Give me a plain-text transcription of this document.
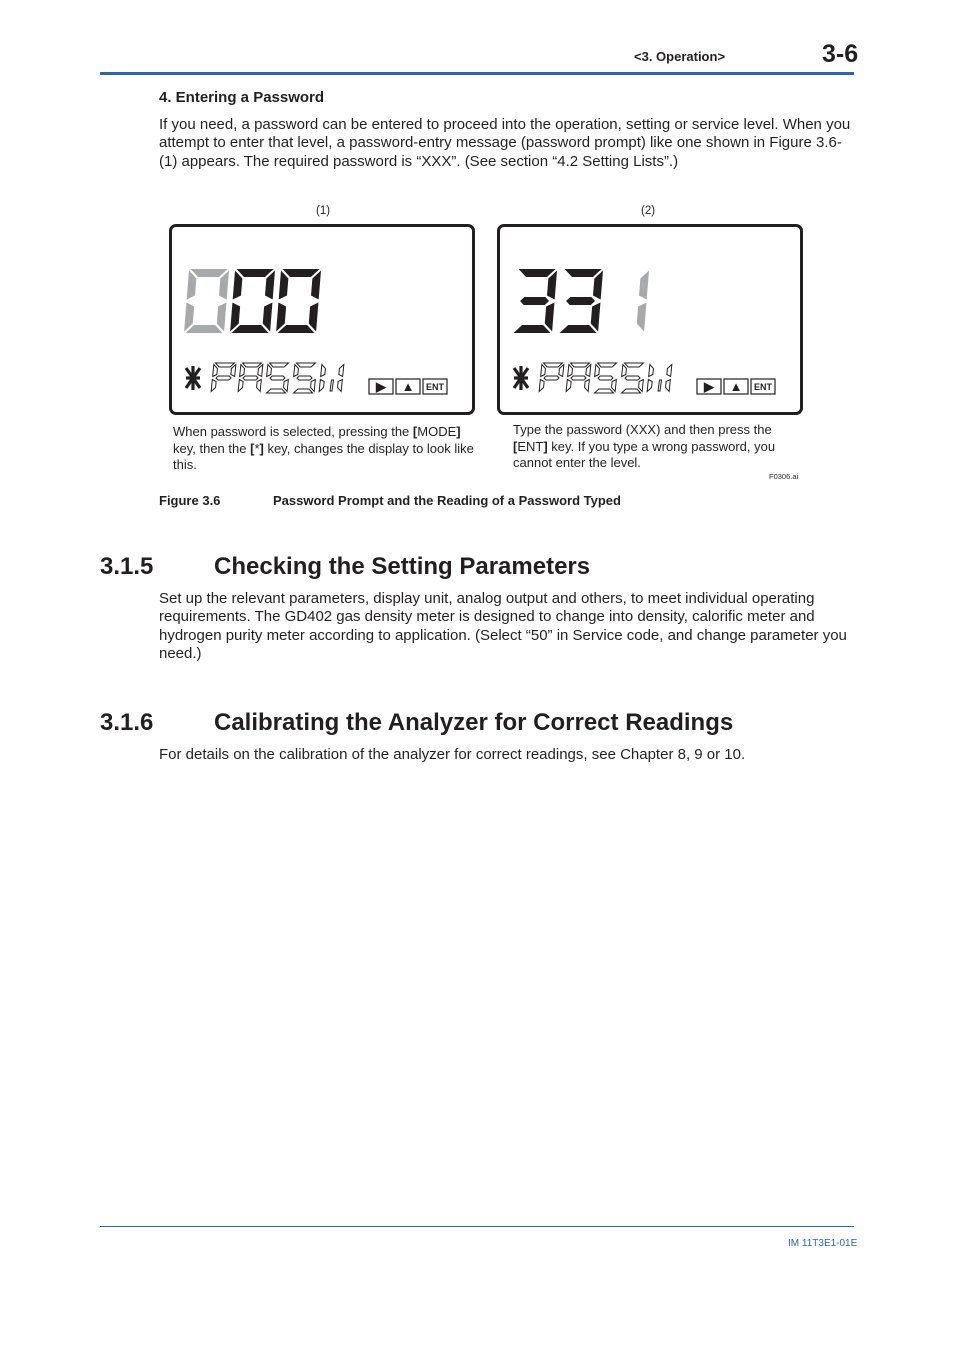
<3. Operation>	3-6
4. Entering a Password

If you need, a password can be entered to proceed into the operation, setting or service level. When you attempt to enter that level, a password-entry message (password prompt) like one shown in Figure 3.6-(1) appears. The required password is “XXX”. (See section “4.2 Setting Lists”.)

(1)	(2)
▶ ▲ ENT	▶ ▲ ENT

When password is selected, pressing the [MODE] key, then the [*] key, changes the display to look like this.

Type the password (XXX) and then press the [ENT] key. If you type a wrong password, you cannot enter the level.

F0306.ai
Figure 3.6	Password Prompt and the Reading of a Password Typed
3.1.5	Checking the Setting Parameters

Set up the relevant parameters, display unit, analog output and others, to meet individual operating requirements. The GD402 gas density meter is designed to change into density, calorific meter and hydrogen purity meter according to application. (Select “50” in Service code, and change parameter you need.)

3.1.6	Calibrating the Analyzer for Correct Readings

For details on the calibration of the analyzer for correct readings, see Chapter 8, 9 or 10.

IM 11T3E1-01E
